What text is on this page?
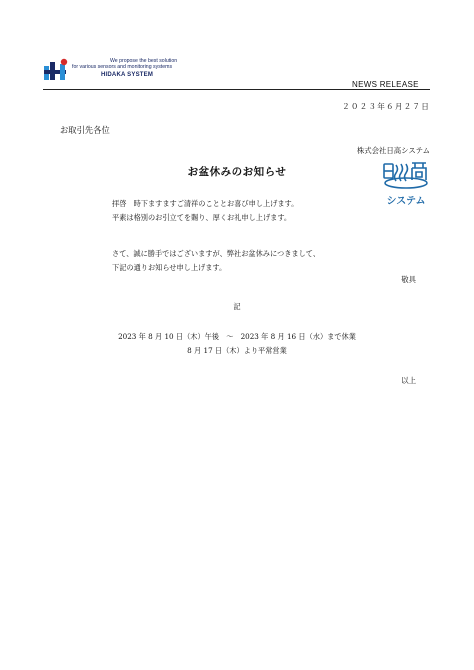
We propose the best solution
for various sensors and monitoring systems
HIDAKA SYSTEM
NEWS RELEASE
２０２３年６月２７日
お取引先各位
株式会社日高システム
システム
お盆休みのお知らせ
拝啓　時下ますますご清祥のこととお喜び申し上げます。
平素は格別のお引立てを賜り、厚くお礼申し上げます。
さて、誠に勝手ではございますが、弊社お盆休みにつきまして、
下記の通りお知らせ申し上げます。
敬具
記
2023 年 8 月 10 日（木）午後　～　2023 年 8 月 16 日（水）まで休業
8 月 17 日（木）より平常営業
以上
